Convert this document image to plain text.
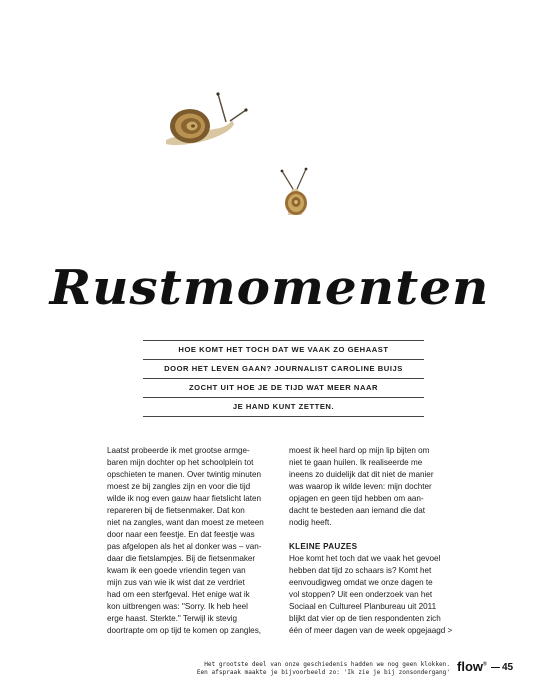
Rustmomenten
HOE KOMT HET TOCH DAT WE VAAK ZO GEHAAST
DOOR HET LEVEN GAAN? JOURNALIST CAROLINE BUIJS
ZOCHT UIT HOE JE DE TIJD WAT MEER NAAR
JE HAND KUNT ZETTEN.
Laatst probeerde ik met grootse armge-
baren mijn dochter op het schoolplein tot
opschieten te manen. Over twintig minuten
moest ze bij zangles zijn en voor die tijd
wilde ik nog even gauw haar fietslicht laten
repareren bij de fietsenmaker. Dat kon
niet na zangles, want dan moest ze meteen
door naar een feestje. En dat feestje was
pas afgelopen als het al donker was – van-
daar die fietslampjes. Bij de fietsenmaker
kwam ik een goede vriendin tegen van
mijn zus van wie ik wist dat ze verdriet
had om een sterfgeval. Het enige wat ik
kon uitbrengen was: "Sorry. Ik heb heel
erge haast. Sterkte." Terwijl ik stevig
doortrapte om op tijd te komen op zangles,
moest ik heel hard op mijn lip bijten om
niet te gaan huilen. Ik realiseerde me
ineens zo duidelijk dat dit niet de manier
was waarop ik wilde leven: mijn dochter
opjagen en geen tijd hebben om aan-
dacht te besteden aan iemand die dat
nodig heeft.
KLEINE PAUZES
Hoe komt het toch dat we vaak het gevoel
hebben dat tijd zo schaars is? Komt het
eenvoudigweg omdat we onze dagen te
vol stoppen? Uit een onderzoek van het
Sociaal en Cultureel Planbureau uit 2011
blijkt dat vier op de tien respondenten zich
één of meer dagen van de week opgejaagd >
Het grootste deel van onze geschiedenis hadden we nog geen klokken.
Een afspraak maakte je bijvoorbeeld zo: 'Ik zie je bij zonsondergang' flow®	45
